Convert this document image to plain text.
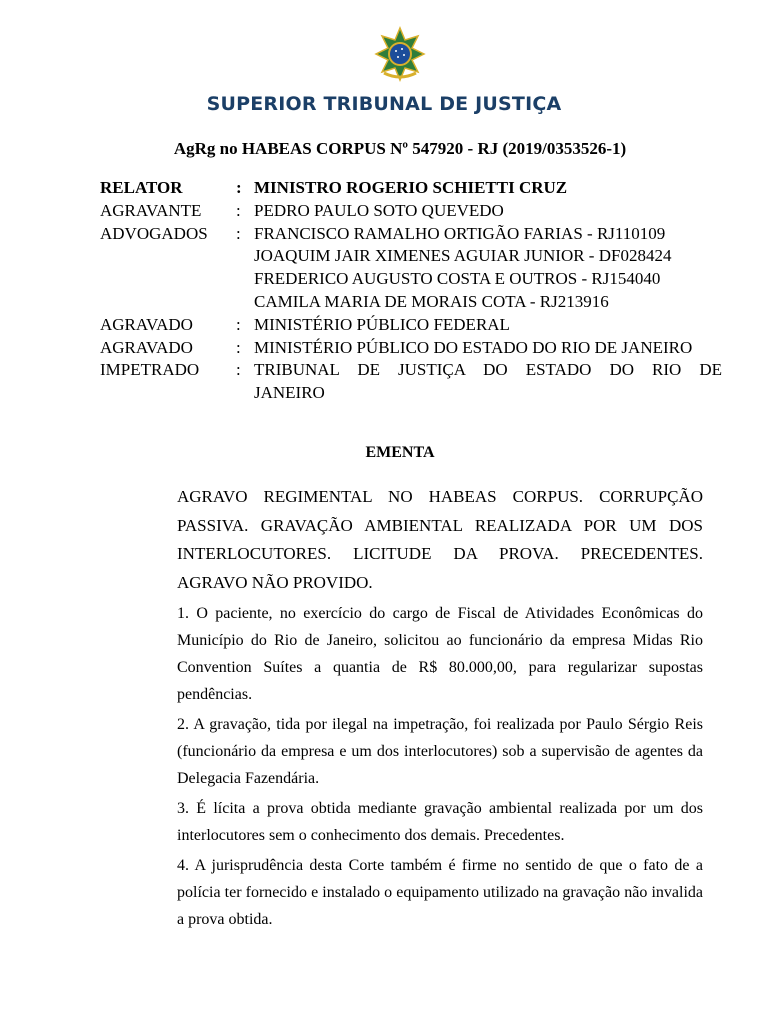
SUPERIOR TRIBUNAL DE JUSTIÇA
AgRg no HABEAS CORPUS Nº 547920 - RJ (2019/0353526-1)
RELATOR	: MINISTRO ROGERIO SCHIETTI CRUZ
AGRAVANTE	: PEDRO PAULO SOTO QUEVEDO
ADVOGADOS	: FRANCISCO RAMALHO ORTIGÃO FARIAS - RJ110109
JOAQUIM JAIR XIMENES AGUIAR JUNIOR - DF028424
FREDERICO AUGUSTO COSTA E OUTROS - RJ154040
CAMILA MARIA DE MORAIS COTA - RJ213916
AGRAVADO	: MINISTÉRIO PÚBLICO FEDERAL
AGRAVADO	: MINISTÉRIO PÚBLICO DO ESTADO DO RIO DE JANEIRO
IMPETRADO	: TRIBUNAL DE JUSTIÇA DO ESTADO DO RIO DE
JANEIRO
EMENTA

AGRAVO REGIMENTAL NO HABEAS CORPUS. CORRUPÇÃO PASSIVA. GRAVAÇÃO AMBIENTAL REALIZADA POR UM DOS INTERLOCUTORES. LICITUDE DA PROVA. PRECEDENTES. AGRAVO NÃO PROVIDO.

1. O paciente, no exercício do cargo de Fiscal de Atividades Econômicas do Município do Rio de Janeiro, solicitou ao funcionário da empresa Midas Rio Convention Suítes a quantia de R$ 80.000,00, para regularizar supostas pendências.

2. A gravação, tida por ilegal na impetração, foi realizada por Paulo Sérgio Reis (funcionário da empresa e um dos interlocutores) sob a supervisão de agentes da Delegacia Fazendária.

3. É lícita a prova obtida mediante gravação ambiental realizada por um dos interlocutores sem o conhecimento dos demais. Precedentes.

4. A jurisprudência desta Corte também é firme no sentido de que o fato de a polícia ter fornecido e instalado o equipamento utilizado na gravação não invalida a prova obtida.
